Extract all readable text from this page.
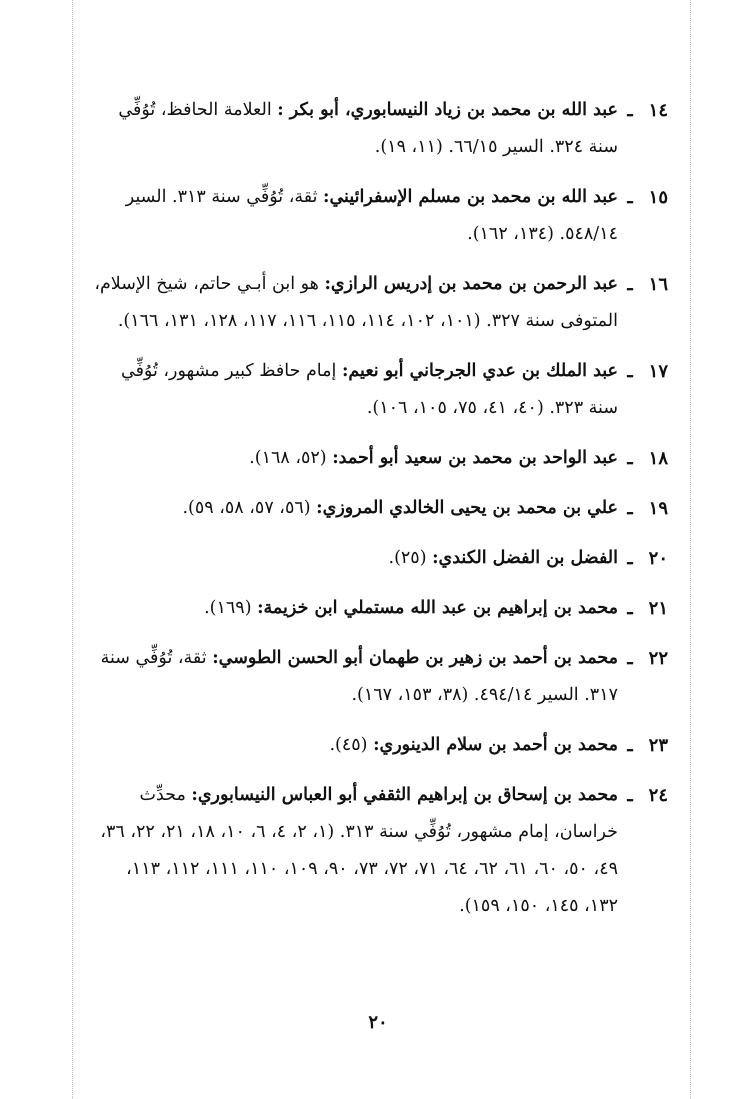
١٤
ـ
عبد الله بن محمد بن زياد النيسابوري، أبو بكر : العلامة الحافظ، تُوُفِّي سنة ٣٢٤. السير ٦٦/١٥. (١١، ١٩).
١٥
ـ
عبد الله بن محمد بن مسلم الإسفرائيني: ثقة، تُوُفِّي سنة ٣١٣. السير ٥٤٨/١٤. (١٣٤، ١٦٢).
١٦
ـ
عبد الرحمن بن محمد بن إدريس الرازي: هو ابن أبـي حاتم، شيخ الإسلام، المتوفى سنة ٣٢٧. (١٠١، ١٠٢، ١١٤، ١١٥، ١١٦، ١١٧، ١٢٨، ١٣١، ١٦٦).
١٧
ـ
عبد الملك بن عدي الجرجاني أبو نعيم: إمام حافظ كبير مشهور، تُوُفِّي سنة ٣٢٣. (٤٠، ٤١، ٧٥، ١٠٥، ١٠٦).
١٨
ـ
عبد الواحد بن محمد بن سعيد أبو أحمد: (٥٢، ١٦٨).
١٩
ـ
علي بن محمد بن يحيى الخالدي المروزي: (٥٦، ٥٧، ٥٨، ٥٩).
٢٠
ـ
الفضل بن الفضل الكندي: (٢٥).
٢١
ـ
محمد بن إبراهيم بن عبد الله مستملي ابن خزيمة: (١٦٩).
٢٢
ـ
محمد بن أحمد بن زهير بن طهمان أبو الحسن الطوسي: ثقة، تُوُفِّي سنة ٣١٧. السير ٤٩٤/١٤. (٣٨، ١٥٣، ١٦٧).
٢٣
ـ
محمد بن أحمد بن سلام الدينوري: (٤٥).
٢٤
ـ
محمد بن إسحاق بن إبراهيم الثقفي أبو العباس النيسابوري: محدِّث خراسان، إمام مشهور، تُوُفِّي سنة ٣١٣. (١، ٢، ٤، ٦، ١٠، ١٨، ٢١، ٢٢، ٣٦، ٤٩، ٥٠، ٦٠، ٦١، ٦٢، ٦٤، ٧١، ٧٢، ٧٣، ٩٠، ١٠٩، ١١٠، ١١١، ١١٢، ١١٣، ١٣٢، ١٤٥، ١٥٠، ١٥٩).
٢٠
